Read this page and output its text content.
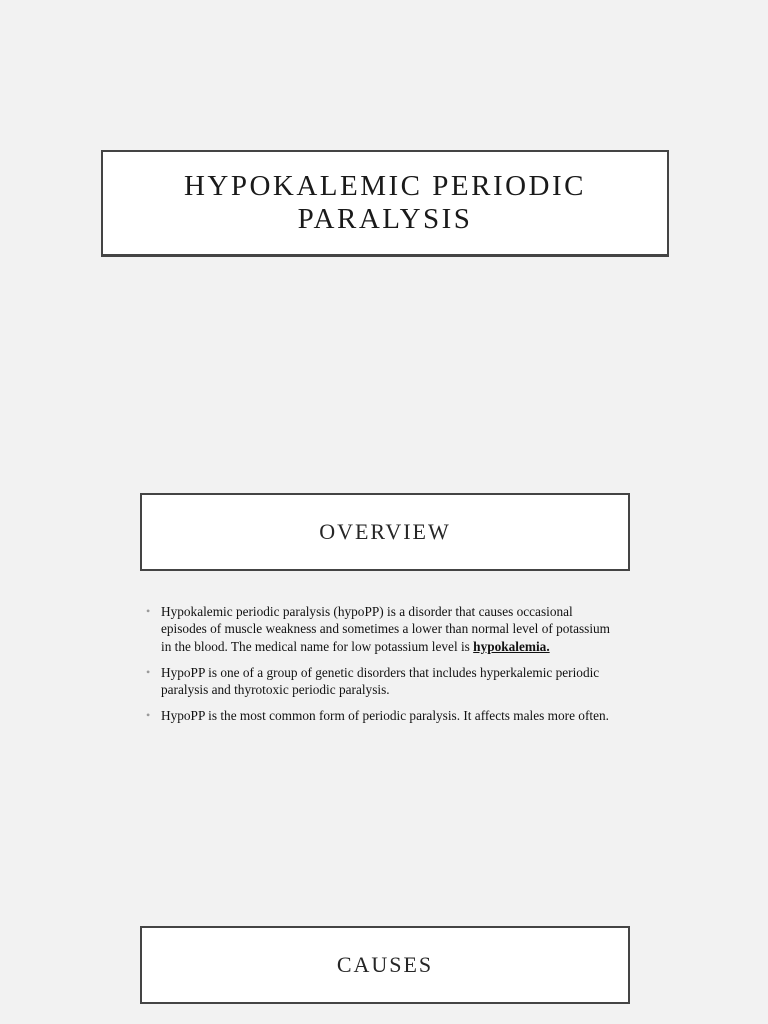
HYPOKALEMIC PERIODIC PARALYSIS
OVERVIEW
• Hypokalemic periodic paralysis (hypoPP) is a disorder that causes occasional episodes of muscle weakness and sometimes a lower than normal level of potassium in the blood. The medical name for low potassium level is hypokalemia.
• HypoPP is one of a group of genetic disorders that includes hyperkalemic periodic paralysis and thyrotoxic periodic paralysis.
• HypoPP is the most common form of periodic paralysis. It affects males more often.
CAUSES
